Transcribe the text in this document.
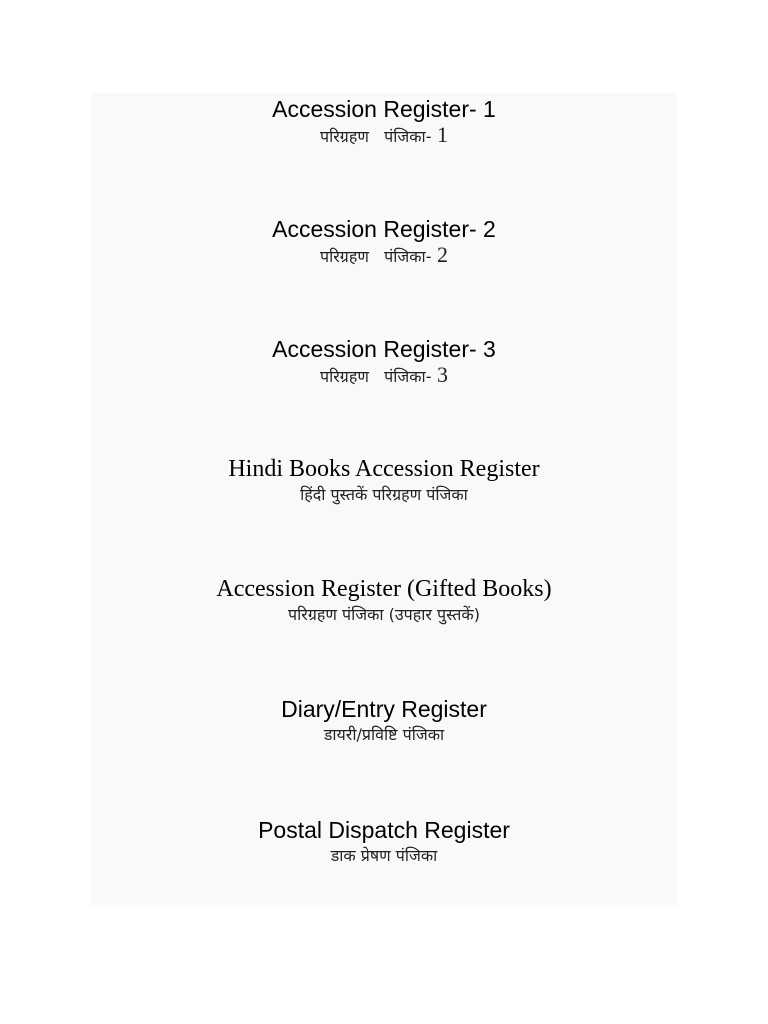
Accession Register- 1
परिग्रहण   पंजिका- 1
Accession Register- 2
परिग्रहण   पंजिका- 2
Accession Register- 3
परिग्रहण   पंजिका- 3
Hindi Books Accession Register
हिंदी पुस्तकें परिग्रहण पंजिका
Accession Register (Gifted Books)
परिग्रहण पंजिका (उपहार पुस्तकें)
Diary/Entry Register
डायरी/प्रविष्टि पंजिका
Postal Dispatch Register
डाक प्रेषण पंजिका
